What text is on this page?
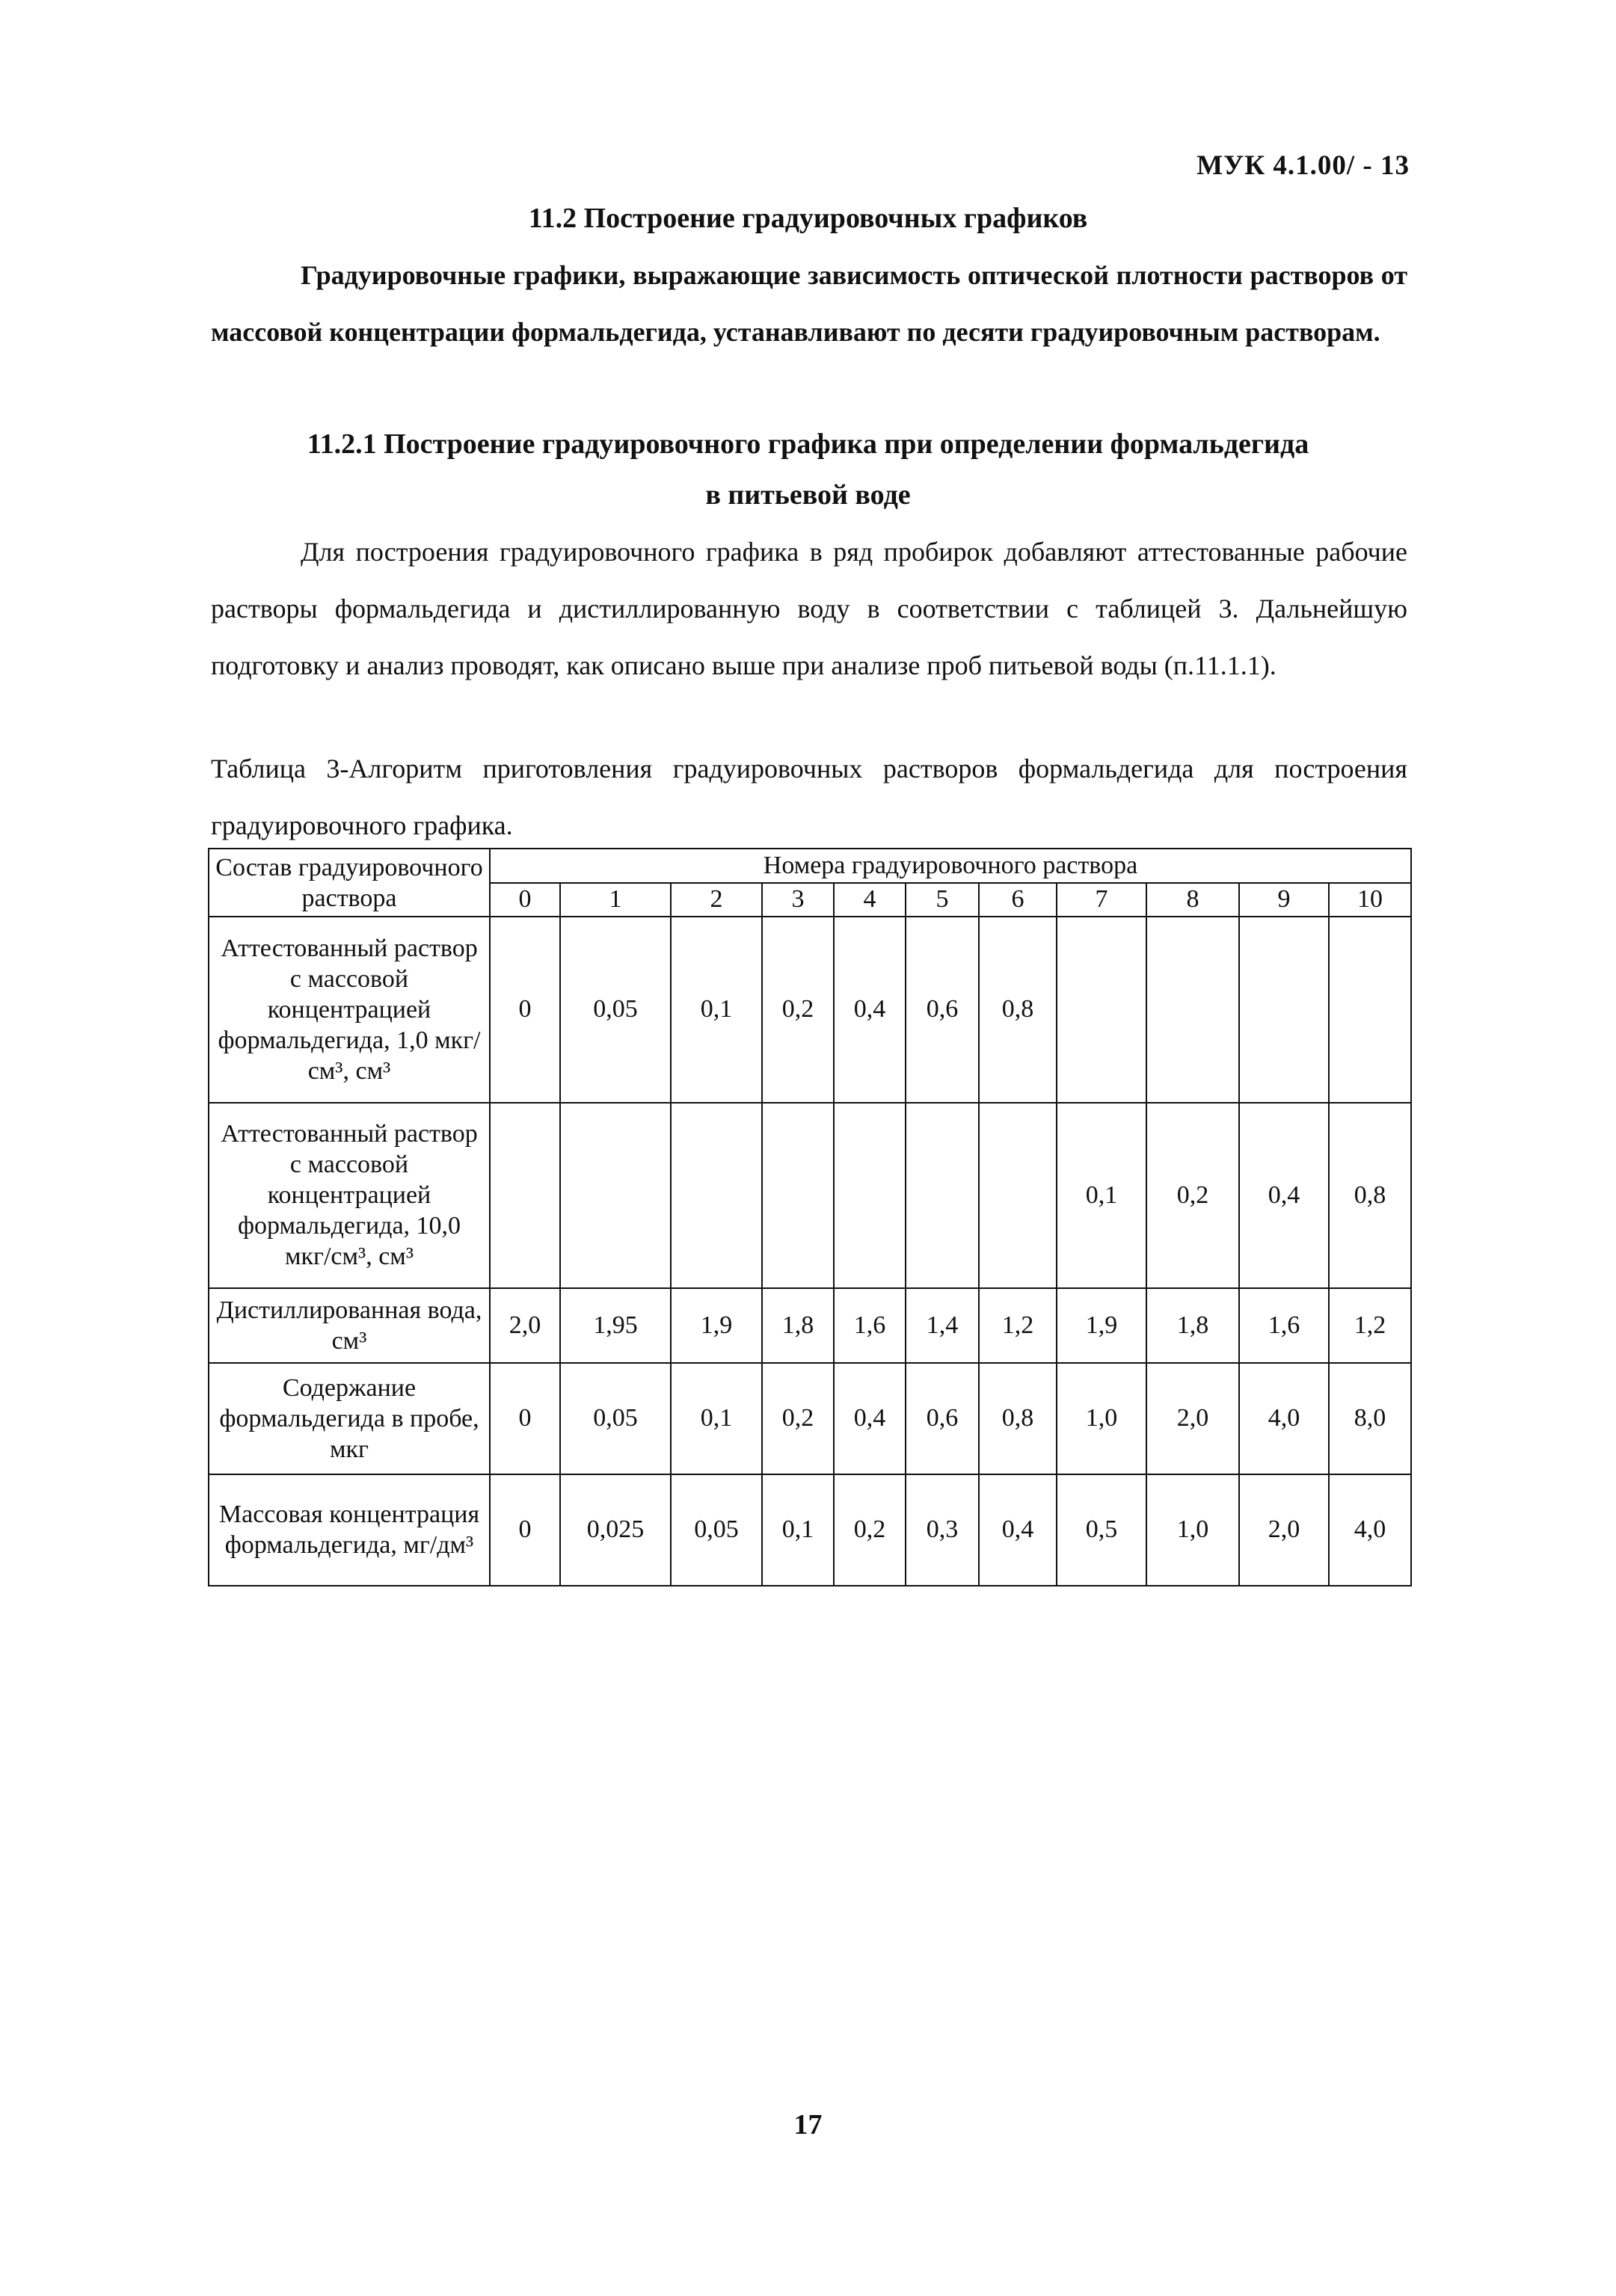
МУК 4.1.00/ - 13
11.2 Построение градуировочных графиков

Градуировочные графики, выражающие зависимость оптической плотности растворов от массовой концентрации формальдегида, устанавливают по десяти градуировочным растворам.

11.2.1 Построение градуировочного графика при определении формальдегида
в питьевой воде

Для построения градуировочного графика в ряд пробирок добавляют аттестованные рабочие растворы формальдегида и дистиллированную воду в соответствии с таблицей 3. Дальнейшую подготовку и анализ проводят, как описано выше при анализе проб питьевой воды (п.11.1.1).

Таблица 3-Алгоритм приготовления градуировочных растворов формальдегида для построения градуировочного графика.

Состав градуировочного раствора	Номера градуировочного раствора										
	0	1	2	3	4	5	6	7	8	9	10
Аттестованный раствор с массовой концентрацией формальдегида, 1,0 мкг/см³, см³	0	0,05	0,1	0,2	0,4	0,6	0,8				
Аттестованный раствор с массовой концентрацией формальдегида, 10,0 мкг/см³, см³								0,1	0,2	0,4	0,8
Дистиллированная вода, см³	2,0	1,95	1,9	1,8	1,6	1,4	1,2	1,9	1,8	1,6	1,2
Содержание формальдегида в пробе, мкг	0	0,05	0,1	0,2	0,4	0,6	0,8	1,0	2,0	4,0	8,0
Массовая концентрация формальдегида, мг/дм³	0	0,025	0,05	0,1	0,2	0,3	0,4	0,5	1,0	2,0	4,0
17
